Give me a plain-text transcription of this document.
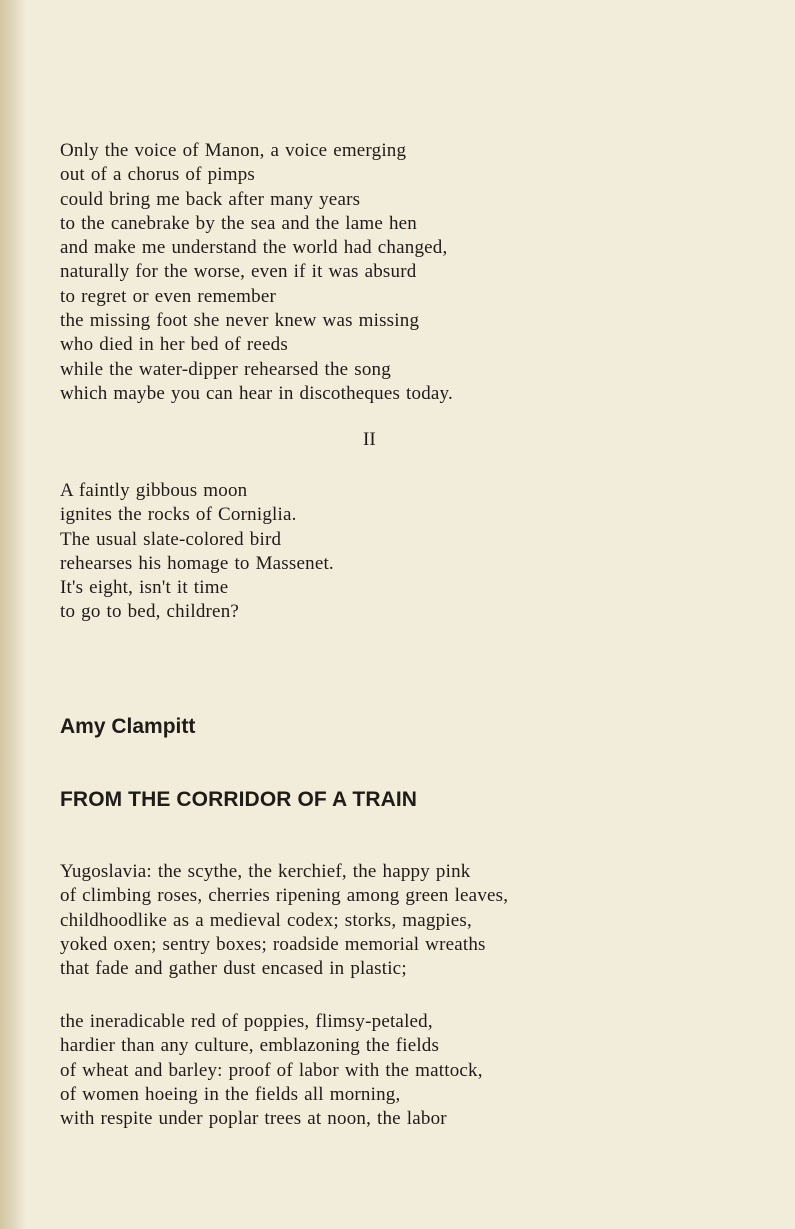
Only the voice of Manon, a voice emerging
out of a chorus of pimps
could bring me back after many years
to the canebrake by the sea and the lame hen
and make me understand the world had changed,
naturally for the worse, even if it was absurd
to regret or even remember
the missing foot she never knew was missing
who died in her bed of reeds
while the water-dipper rehearsed the song
which maybe you can hear in discotheques today.
II
A faintly gibbous moon
ignites the rocks of Corniglia.
The usual slate-colored bird
rehearses his homage to Massenet.
It's eight, isn't it time
to go to bed, children?
Amy Clampitt
FROM THE CORRIDOR OF A TRAIN
Yugoslavia: the scythe, the kerchief, the happy pink
of climbing roses, cherries ripening among green leaves,
childhoodlike as a medieval codex; storks, magpies,
yoked oxen; sentry boxes; roadside memorial wreaths
that fade and gather dust encased in plastic;
the ineradicable red of poppies, flimsy-petaled,
hardier than any culture, emblazoning the fields
of wheat and barley: proof of labor with the mattock,
of women hoeing in the fields all morning,
with respite under poplar trees at noon, the labor
